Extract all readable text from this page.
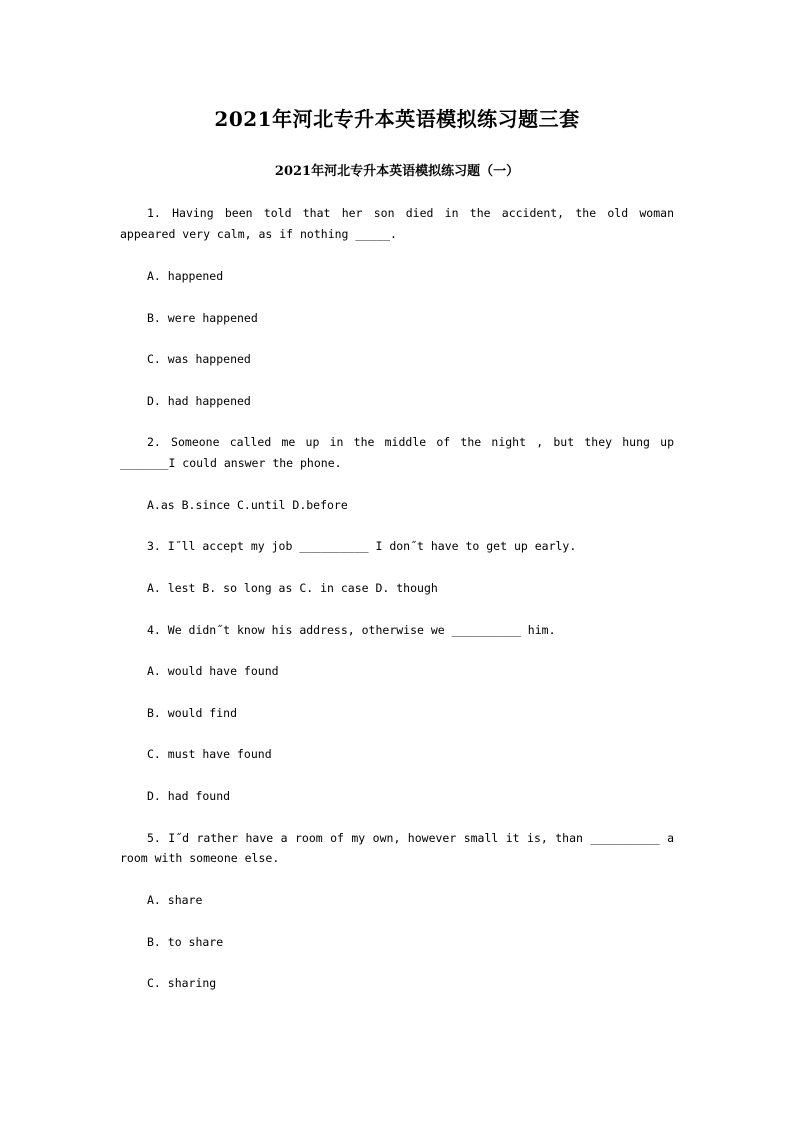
2021年河北专升本英语模拟练习题三套
2021年河北专升本英语模拟练习题（一）
1. Having been told that her son died in the accident, the old woman
appeared very calm, as if nothing _____.
A. happened
B. were happened
C. was happened
D. had happened
2. Someone called me up in the middle of the night , but they hung up
_______I could answer the phone.
A.as B.since C.until D.before
3. I˝ll accept my job __________ I don˝t have to get up early.
A. lest B. so long as C. in case D. though
4. We didn˝t know his address, otherwise we __________ him.
A. would have found
B. would find
C. must have found
D. had found
5. I˝d rather have a room of my own, however small it is, than __________ a
room with someone else.
A. share
B. to share
C. sharing
